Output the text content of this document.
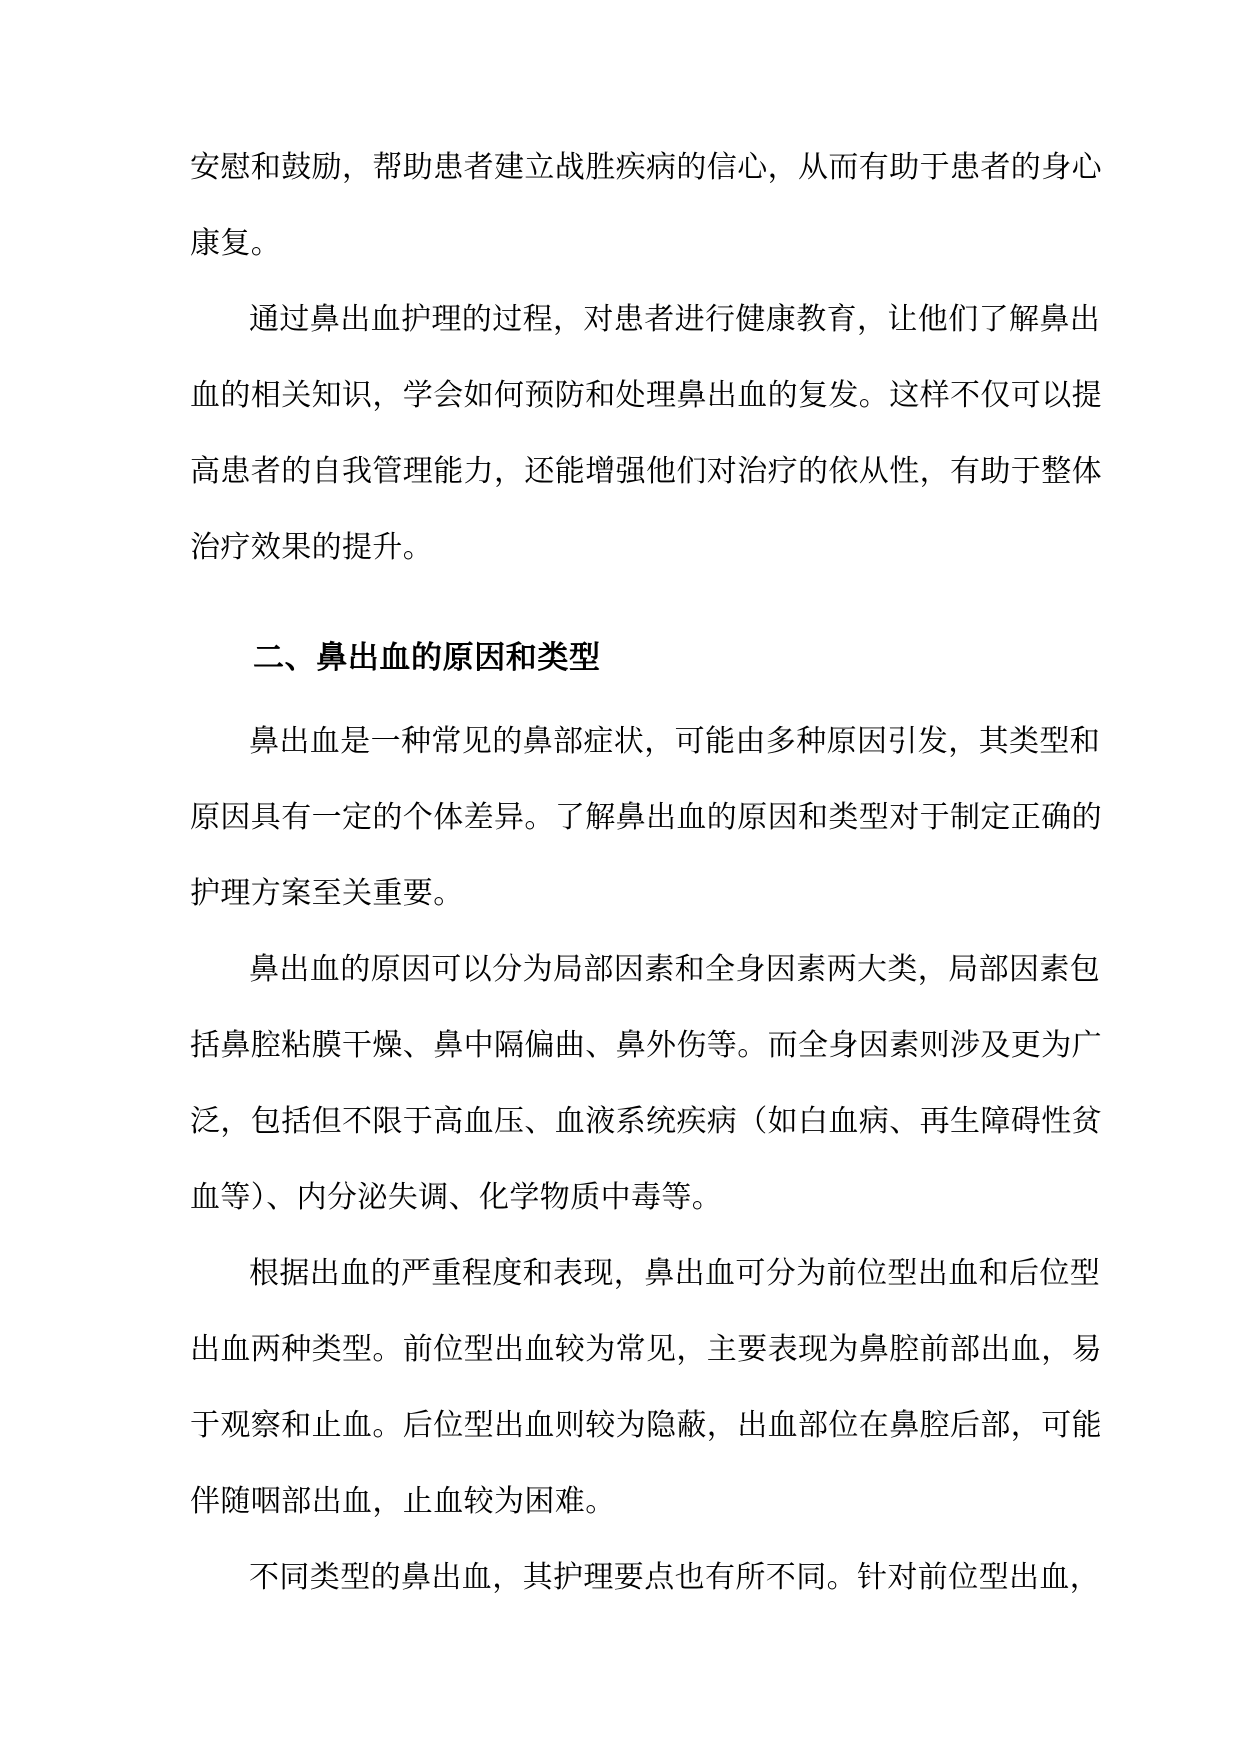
安慰和鼓励，帮助患者建立战胜疾病的信心，从而有助于患者的身心
康复。
通过鼻出血护理的过程，对患者进行健康教育，让他们了解鼻出
血的相关知识，学会如何预防和处理鼻出血的复发。这样不仅可以提
高患者的自我管理能力，还能增强他们对治疗的依从性，有助于整体
治疗效果的提升。
二、鼻出血的原因和类型
鼻出血是一种常见的鼻部症状，可能由多种原因引发，其类型和
原因具有一定的个体差异。了解鼻出血的原因和类型对于制定正确的
护理方案至关重要。
鼻出血的原因可以分为局部因素和全身因素两大类，局部因素包
括鼻腔粘膜干燥、鼻中隔偏曲、鼻外伤等。而全身因素则涉及更为广
泛，包括但不限于高血压、血液系统疾病（如白血病、再生障碍性贫
血等）、内分泌失调、化学物质中毒等。
根据出血的严重程度和表现，鼻出血可分为前位型出血和后位型
出血两种类型。前位型出血较为常见，主要表现为鼻腔前部出血，易
于观察和止血。后位型出血则较为隐蔽，出血部位在鼻腔后部，可能
伴随咽部出血，止血较为困难。
不同类型的鼻出血，其护理要点也有所不同。针对前位型出血，
